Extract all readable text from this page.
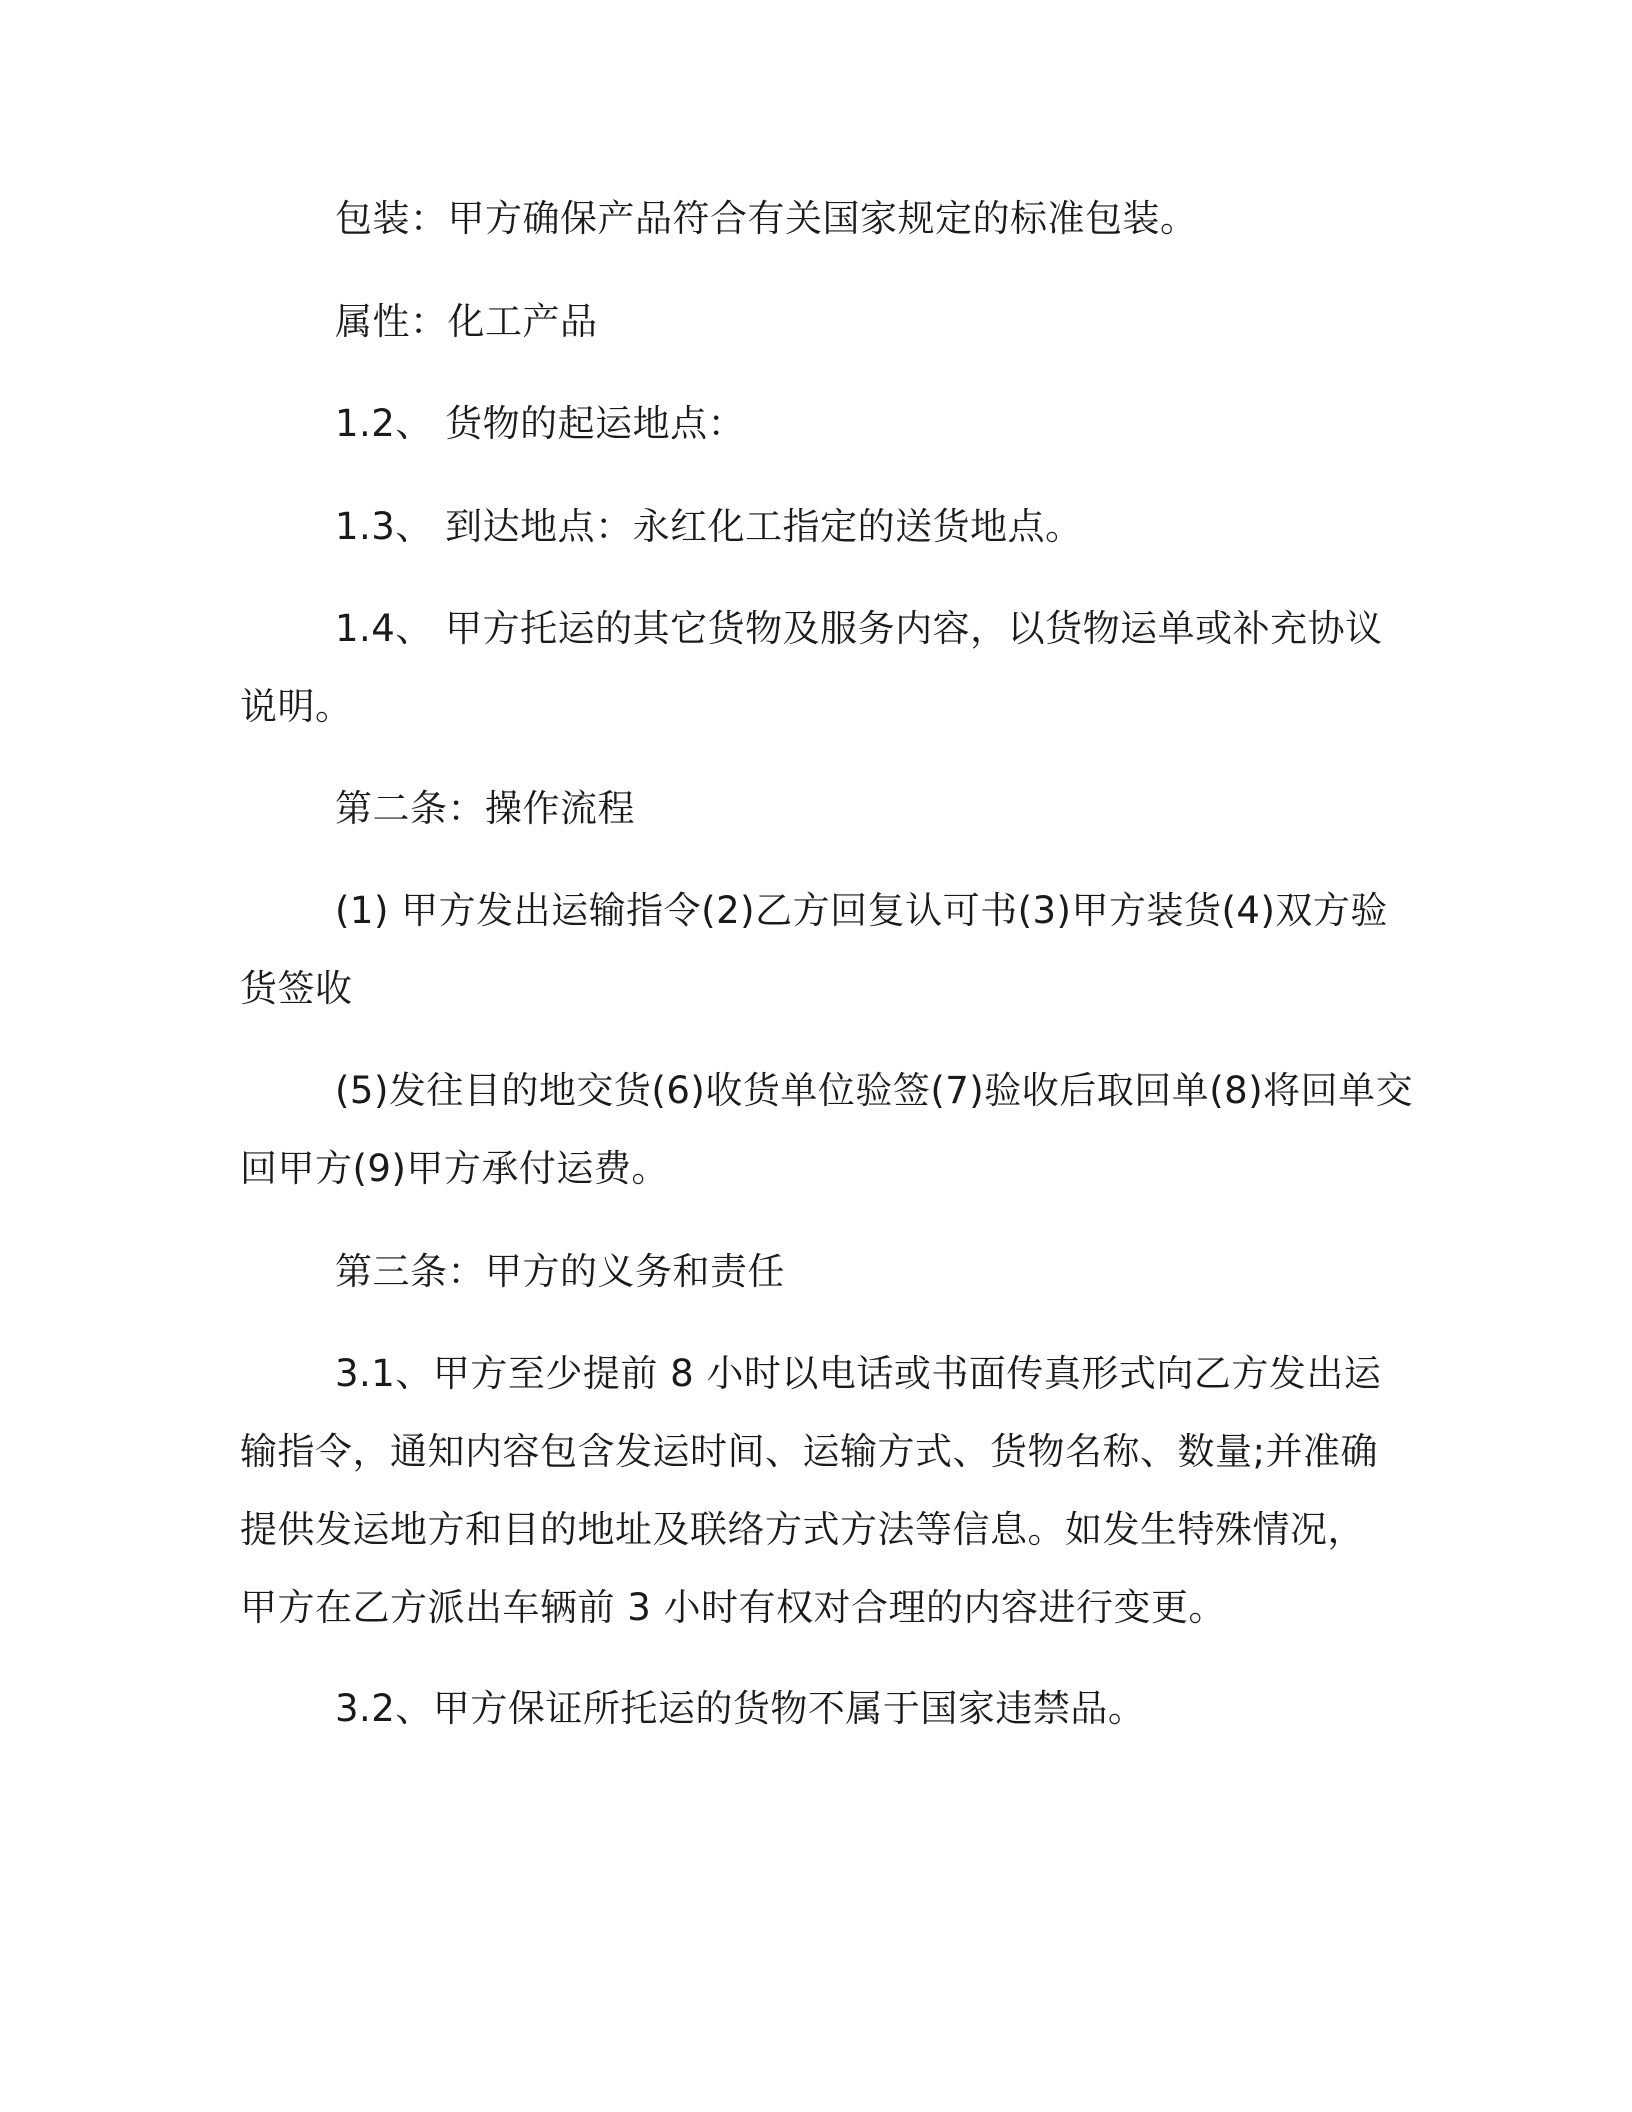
包装：甲方确保产品符合有关国家规定的标准包装。

属性：化工产品

1.2、 货物的起运地点：

1.3、 到达地点：永红化工指定的送货地点。

1.4、 甲方托运的其它货物及服务内容，以货物运单或补充协议
说明。

第二条：操作流程

(1) 甲方发出运输指令(2)乙方回复认可书(3)甲方装货(4)双方验
货签收

(5)发往目的地交货(6)收货单位验签(7)验收后取回单(8)将回单交
回甲方(9)甲方承付运费。

第三条：甲方的义务和责任

3.1、甲方至少提前 8 小时以电话或书面传真形式向乙方发出运
输指令，通知内容包含发运时间、运输方式、货物名称、数量;并准确
提供发运地方和目的地址及联络方式方法等信息。如发生特殊情况，
甲方在乙方派出车辆前 3 小时有权对合理的内容进行变更。

3.2、甲方保证所托运的货物不属于国家违禁品。
